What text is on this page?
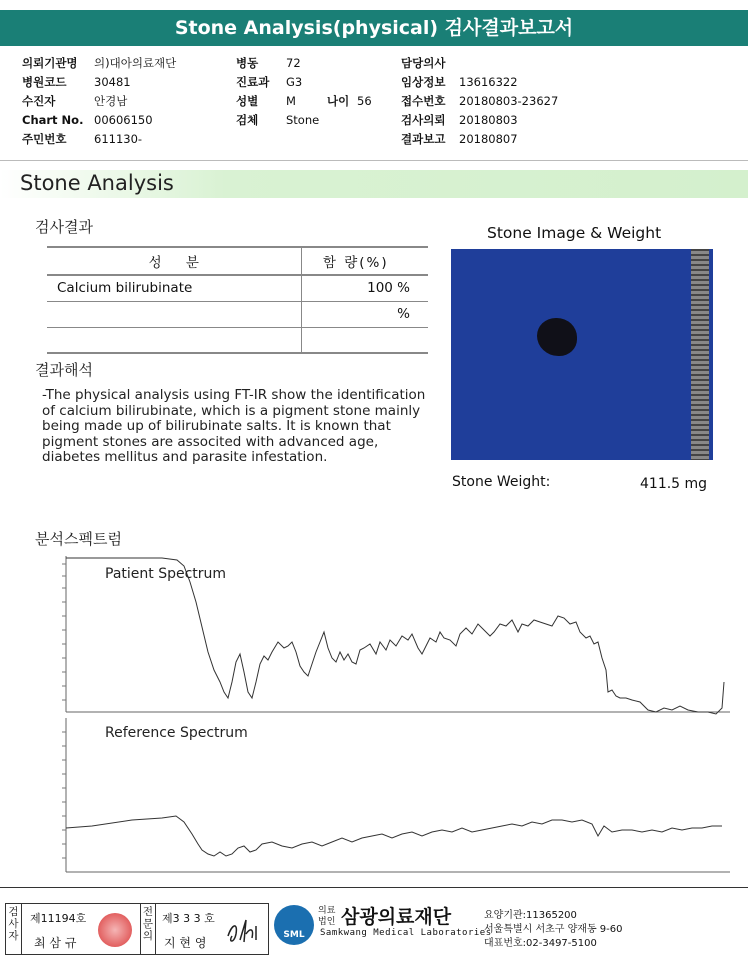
Stone Analysis(physical) 검사결과보고서
의뢰기관명 의)대아의료재단
병원코드 30481
수진자	안경남
Chart No. 00606150
주민번호 611130-
병동 72
진료과 G3
성별 M	나이 56
검체 Stone
담당의사
임상정보 13616322
접수번호 20180803-23627
검사의뢰 20180803
결과보고 20180807
Stone Analysis
검사결과
성 분	함 량(%)
Calcium bilirubinate	100 %
	%

결과해석
-The physical analysis using FT-IR show the identification of calcium bilirubinate, which is a pigment stone mainly being made up of bilirubinate salts. It is known that pigment stones are associted with advanced age, diabetes mellitus and parasite infestation.
Stone Image & Weight
Stone Weight:	411.5 mg
분석스펙트럼
Patient Spectrum
Reference Spectrum
검사자
제11194호
최 삼 규
전문의
제3 3 3 호
지 현 영
SML
의료법인 삼광의료재단
Samkwang Medical Laboratories
요양기관:11365200
서울특별시 서초구 양재동 9-60
대표번호:02-3497-5100
